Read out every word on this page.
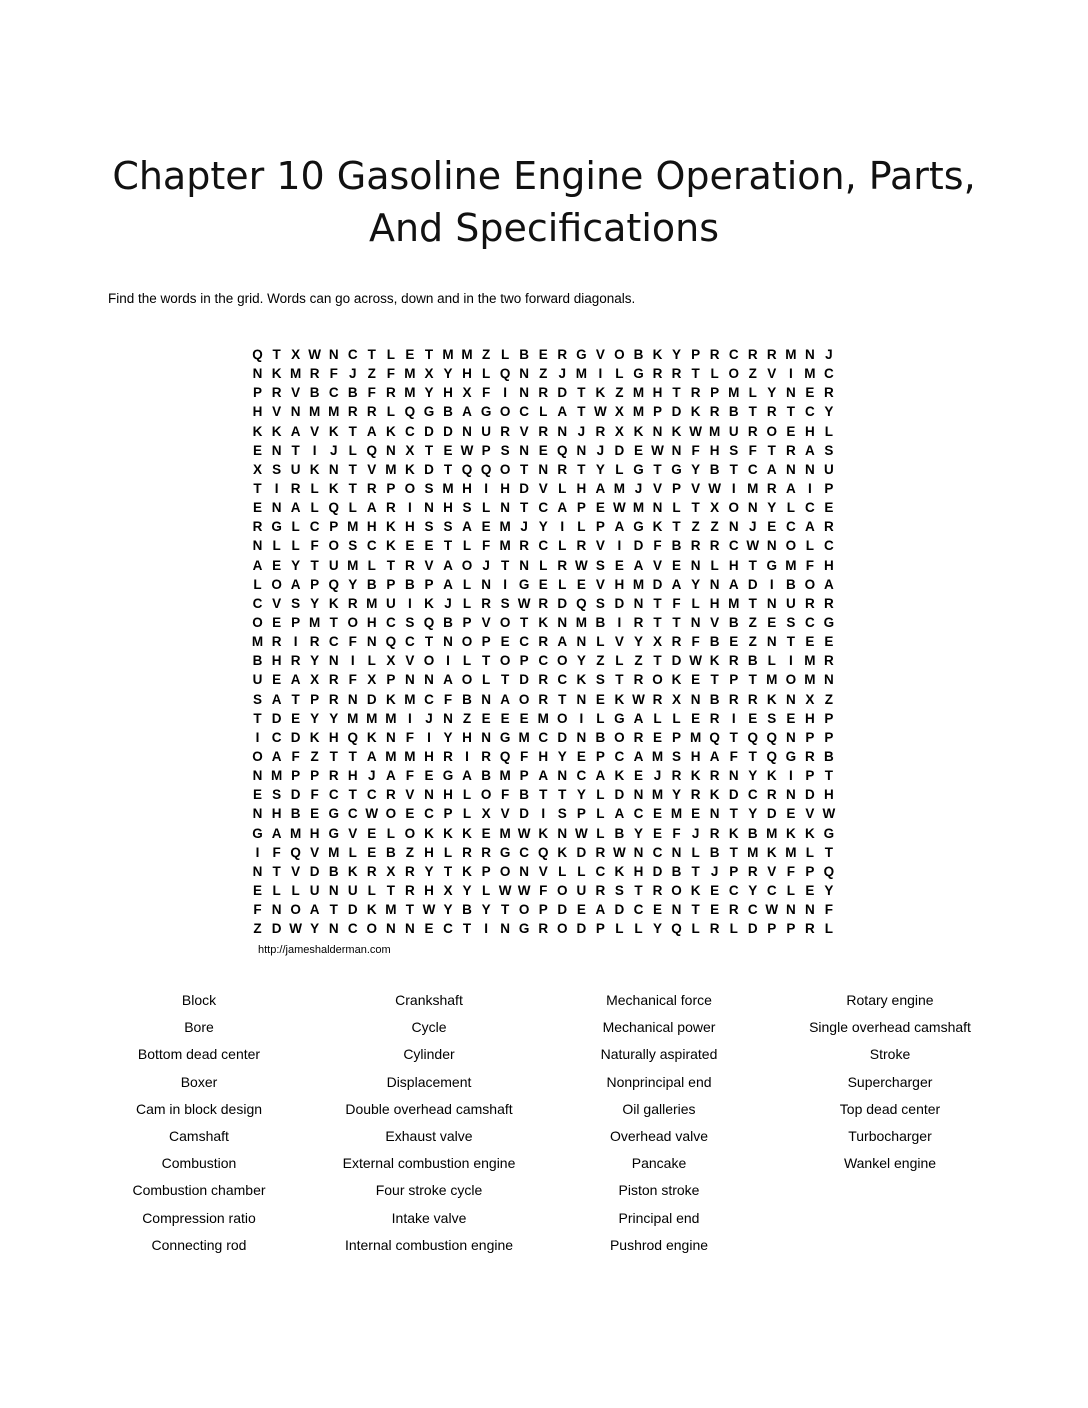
Chapter 10 Gasoline Engine Operation, Parts,
And Specifications
Find the words in the grid. Words can go across, down and in the two forward diagonals.
Q T X W N C T L E T M M Z L B E R G V O B K Y P R C R R M N J
N K M R F J Z F M X Y H L Q N Z J M I L G R R T L O Z V I M C
P R V B C B F R M Y H X F I N R D T K Z M H T R P M L Y N E R
H V N M M R R L Q G B A G O C L A T W X M P D K R B T R T C Y
K K A V K T A K C D D N U R V R N J R X K N K W M U R O E H L
E N T I J L Q N X T E W P S N E Q N J D E W N F H S F T R A S
X S U K N T V M K D T Q Q O T N R T Y L G T G Y B T C A N N U
T I R L K T R P O S M H I H D V L H A M J V P V W I M R A I P
E N A L Q L A R I N H S L N T C A P E W M N L T X O N Y L C E
R G L C P M H K H S S A E M J Y I L P A G K T Z Z N J E C A R
N L L F O S C K E E T L F M R C L R V I D F B R R C W N O L C
A E Y T U M L T R V A O J T N L R W S E A V E N L H T G M F H
L O A P Q Y B P B P A L N I G E L E V H M D A Y N A D I B O A
C V S Y K R M U I K J L R S W R D Q S D N T F L H M T N U R R
O E P M T O H C S Q B P V O T K N M B I R T T N V B Z E S C G
M R I R C F N Q C T N O P E C R A N L V Y X R F B E Z N T E E
B H R Y N I L X V O I L T O P C O Y Z L Z T D W K R B L I M R
U E A X R F X P N N A O L T D R C K S T R O K E T P T M O M N
S A T P R N D K M C F B N A O R T N E K W R X N B R R K N X Z
T D E Y Y M M M I J N Z E E E M O I L G A L L E R I E S E H P
I C D K H Q K N F I Y H N G M C D N B O R E P M Q T Q Q N P P
O A F Z T T A M M H R I R Q F H Y E P C A M S H A F T Q G R B
N M P P R H J A F E G A B M P A N C A K E J R K R N Y K I P T
E S D F C T C R V N H L O F B T T Y L D N M Y R K D C R N D H
N H B E G C W O E C P L X V D I S P L A C E M E N T Y D E V W
G A M H G V E L O K K K E M W K N W L B Y E F J R K B M K K G
I F Q V M L E B Z H L R R G C Q K D R W N C N L B T M K M L T
N T V D B K R X R Y T K P O N V L L C K H D B T J P R V F P Q
E L L U N U L T R H X Y L W W F O U R S T R O K E C Y C L E Y
F N O A T D K M T W Y B Y T O P D E A D C E N T E R C W N N F
Z D W Y N C O N N E C T I N G R O D P L L Y Q L R L D P P R L
http://jameshalderman.com
Block
Bore
Bottom dead center
Boxer
Cam in block design
Camshaft
Combustion
Combustion chamber
Compression ratio
Connecting rod
Crankshaft
Cycle
Cylinder
Displacement
Double overhead camshaft
Exhaust valve
External combustion engine
Four stroke cycle
Intake valve
Internal combustion engine
Mechanical force
Mechanical power
Naturally aspirated
Nonprincipal end
Oil galleries
Overhead valve
Pancake
Piston stroke
Principal end
Pushrod engine
Rotary engine
Single overhead camshaft
Stroke
Supercharger
Top dead center
Turbocharger
Wankel engine
